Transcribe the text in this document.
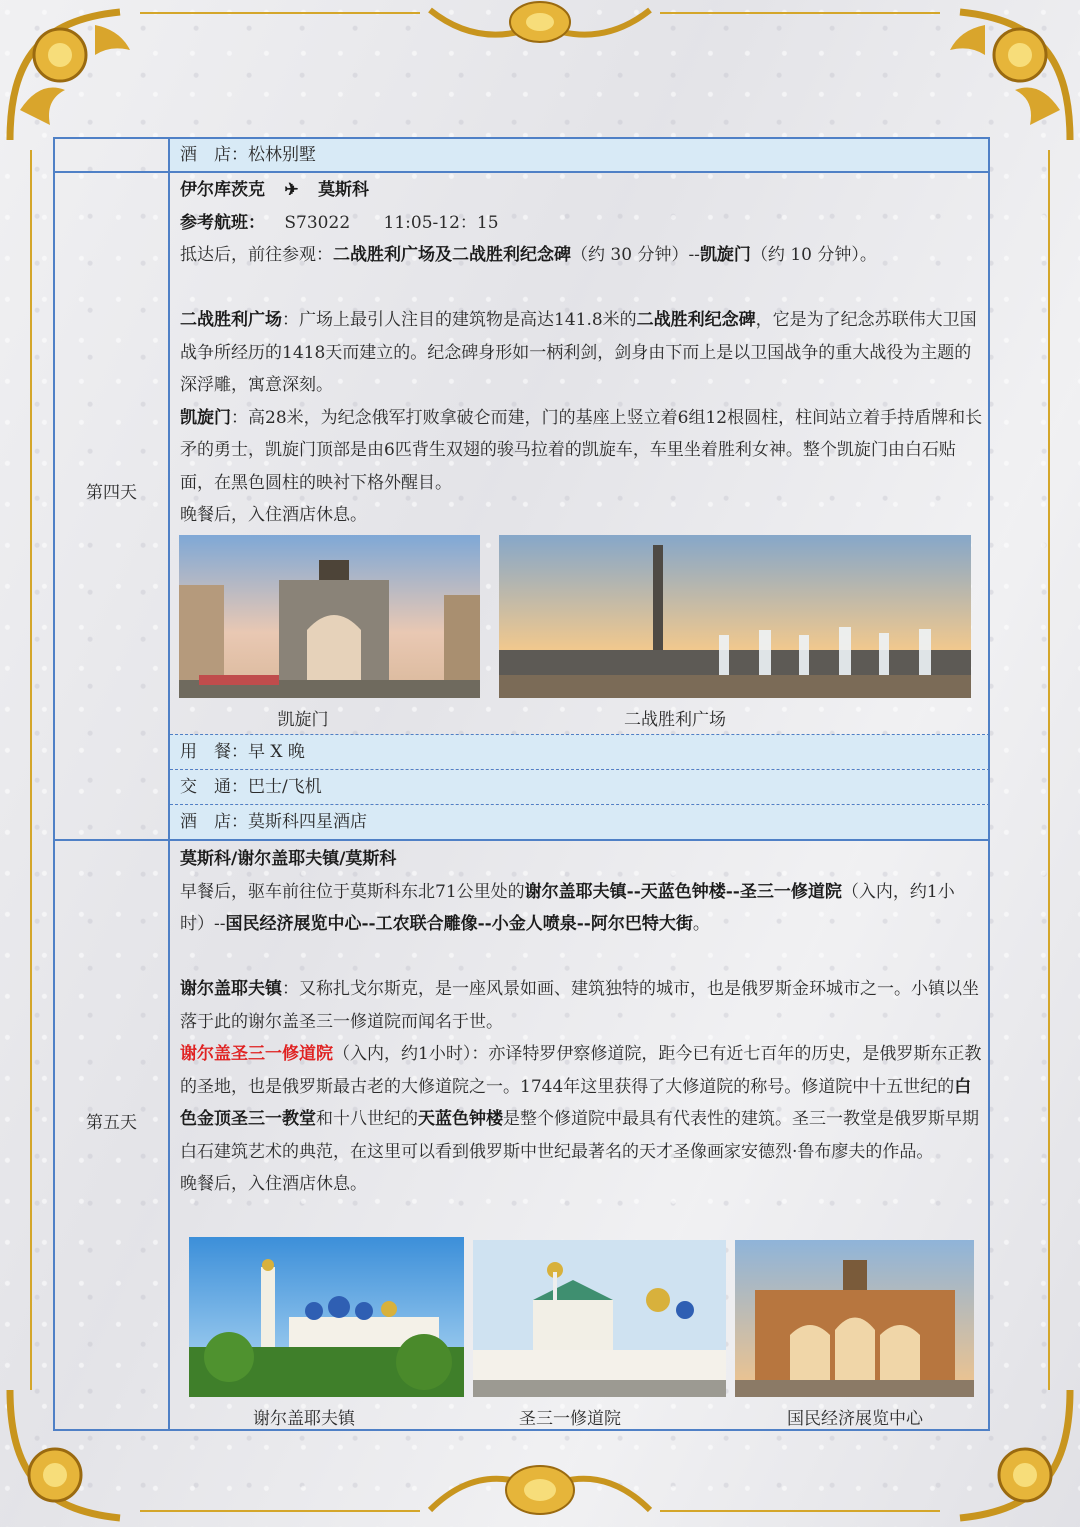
酒　店：松林别墅
第四天

伊尔库茨克 ✈ 莫斯科

参考航班： S73022 11:05-12：15

抵达后，前往参观：二战胜利广场及二战胜利纪念碑（约 30 分钟）--凯旋门（约 10 分钟）。

二战胜利广场：广场上最引人注目的建筑物是高达141.8米的二战胜利纪念碑，它是为了纪念苏联伟大卫国战争所经历的1418天而建立的。纪念碑身形如一柄利剑，剑身由下而上是以卫国战争的重大战役为主题的深浮雕，寓意深刻。

凯旋门：高28米，为纪念俄军打败拿破仑而建，门的基座上竖立着6组12根圆柱，柱间站立着手持盾牌和长矛的勇士，凯旋门顶部是由6匹背生双翅的骏马拉着的凯旋车，车里坐着胜利女神。整个凯旋门由白石贴面，在黑色圆柱的映衬下格外醒目。

晚餐后，入住酒店休息。

凯旋门	二战胜利广场
用　餐：早 X 晚
交　通：巴士/飞机
酒　店：莫斯科四星酒店
第五天

莫斯科/谢尔盖耶夫镇/莫斯科

早餐后，驱车前往位于莫斯科东北71公里处的谢尔盖耶夫镇--天蓝色钟楼--圣三一修道院（入内，约1小时）--国民经济展览中心--工农联合雕像--小金人喷泉--阿尔巴特大街。

谢尔盖耶夫镇：又称扎戈尔斯克，是一座风景如画、建筑独特的城市，也是俄罗斯金环城市之一。小镇以坐落于此的谢尔盖圣三一修道院而闻名于世。

谢尔盖圣三一修道院（入内，约1小时）：亦译特罗伊察修道院，距今已有近七百年的历史，是俄罗斯东正教的圣地，也是俄罗斯最古老的大修道院之一。1744年这里获得了大修道院的称号。修道院中十五世纪的白色金顶圣三一教堂和十八世纪的天蓝色钟楼是整个修道院中最具有代表性的建筑。圣三一教堂是俄罗斯早期白石建筑艺术的典范，在这里可以看到俄罗斯中世纪最著名的天才圣像画家安德烈·鲁布廖夫的作品。

晚餐后，入住酒店休息。

谢尔盖耶夫镇	圣三一修道院	国民经济展览中心
